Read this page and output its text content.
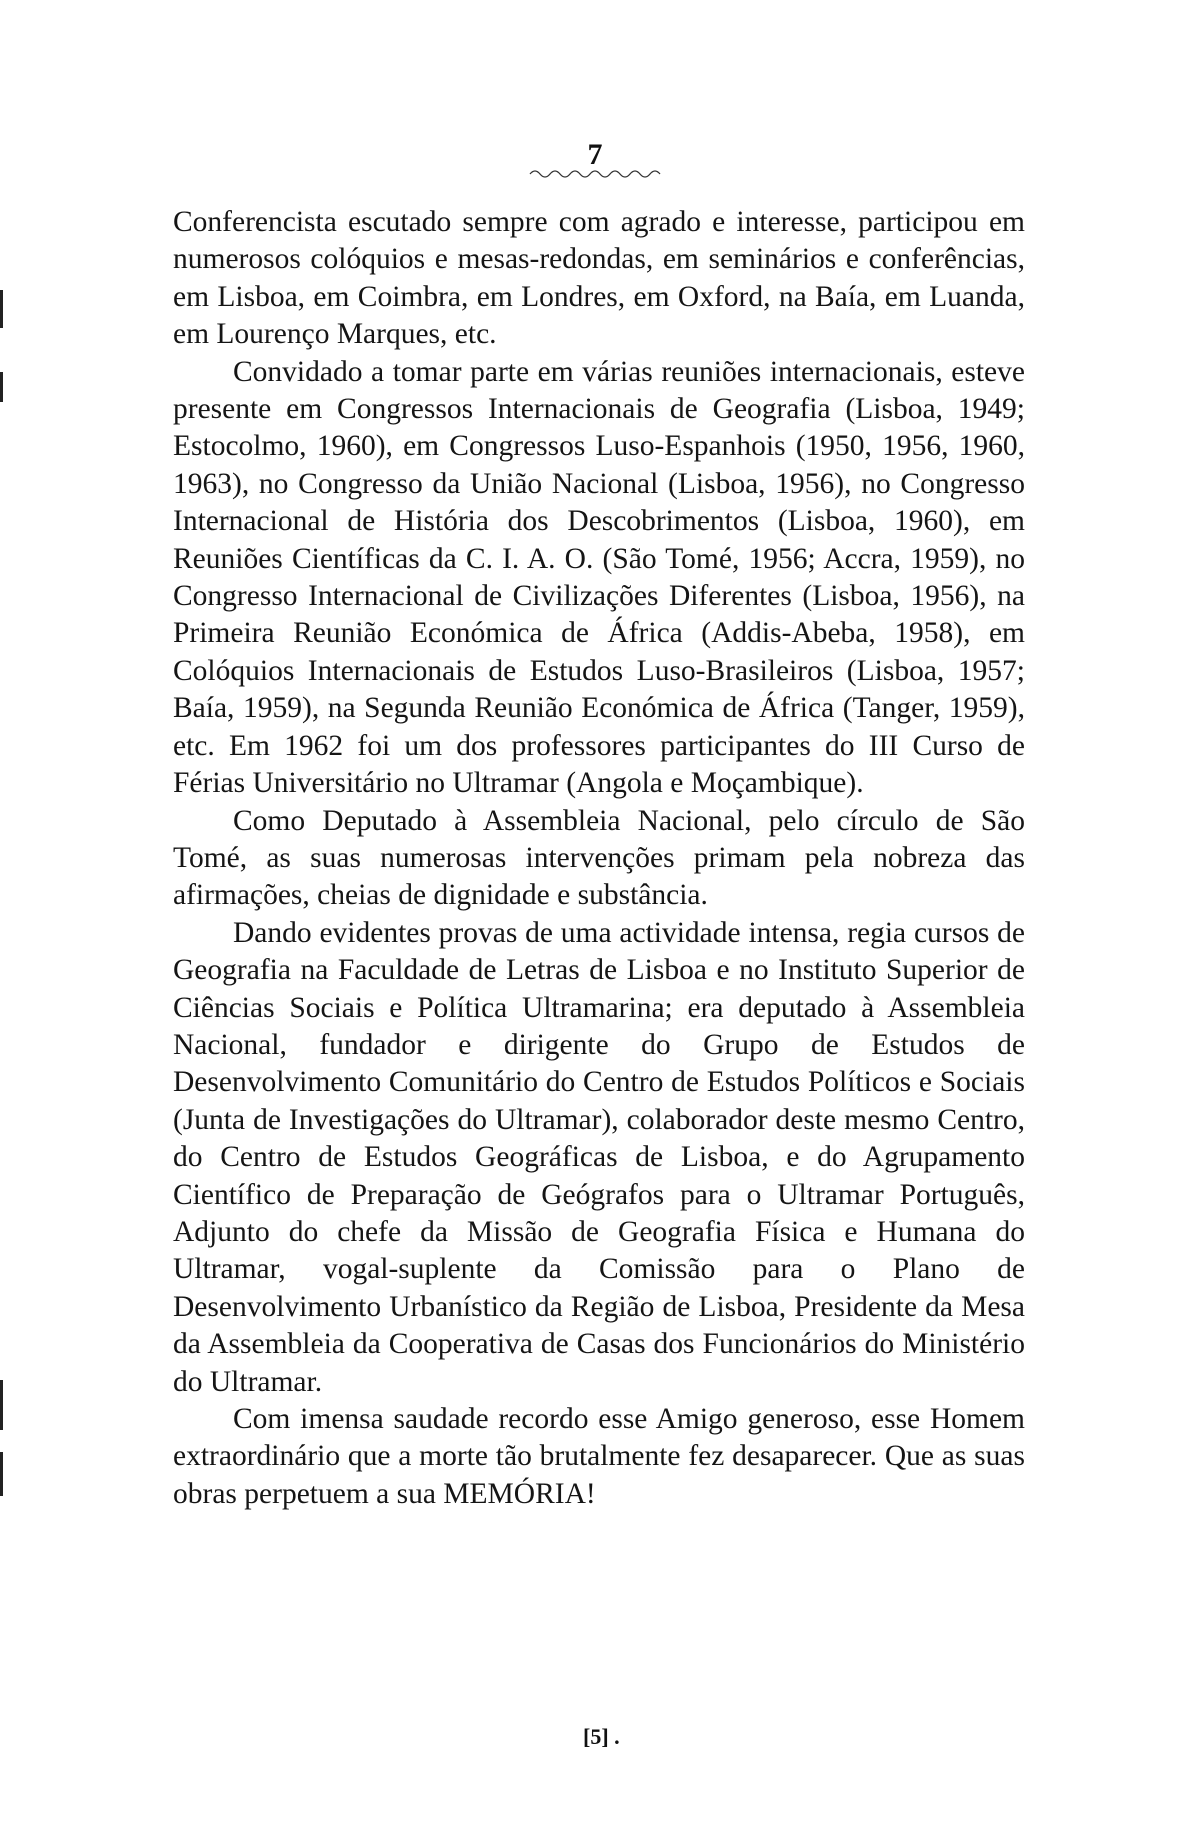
7

Conferencista escutado sempre com agrado e interesse, participou em numerosos colóquios e mesas-redondas, em seminários e conferências, em Lisboa, em Coimbra, em Londres, em Oxford, na Baía, em Luanda, em Lourenço Marques, etc.

Convidado a tomar parte em várias reuniões internacionais, esteve presente em Congressos Internacionais de Geografia (Lisboa, 1949; Estocolmo, 1960), em Congressos Luso-Espanhois (1950, 1956, 1960, 1963), no Congresso da União Nacional (Lisboa, 1956), no Congresso Internacional de História dos Descobrimentos (Lisboa, 1960), em Reuniões Científicas da C. I. A. O. (São Tomé, 1956; Accra, 1959), no Congresso Internacional de Civilizações Diferentes (Lisboa, 1956), na Primeira Reunião Económica de África (Addis-Abeba, 1958), em Colóquios Internacionais de Estudos Luso-Brasileiros (Lisboa, 1957; Baía, 1959), na Segunda Reunião Económica de África (Tanger, 1959), etc. Em 1962 foi um dos professores participantes do III Curso de Férias Universitário no Ultramar (Angola e Moçambique).

Como Deputado à Assembleia Nacional, pelo círculo de São Tomé, as suas numerosas intervenções primam pela nobreza das afirmações, cheias de dignidade e substância.

Dando evidentes provas de uma actividade intensa, regia cursos de Geografia na Faculdade de Letras de Lisboa e no Instituto Superior de Ciências Sociais e Política Ultramarina; era deputado à Assembleia Nacional, fundador e dirigente do Grupo de Estudos de Desenvolvimento Comunitário do Centro de Estudos Políticos e Sociais (Junta de Investigações do Ultramar), colaborador deste mesmo Centro, do Centro de Estudos Geográficas de Lisboa, e do Agrupamento Científico de Preparação de Geógrafos para o Ultramar Português, Adjunto do chefe da Missão de Geografia Física e Humana do Ultramar, vogal-suplente da Comissão para o Plano de Desenvolvimento Urbanístico da Região de Lisboa, Presidente da Mesa da Assembleia da Cooperativa de Casas dos Funcionários do Ministério do Ultramar.

Com imensa saudade recordo esse Amigo generoso, esse Homem extraordinário que a morte tão brutalmente fez desaparecer. Que as suas obras perpetuem a sua MEMÓRIA!

[5] .
